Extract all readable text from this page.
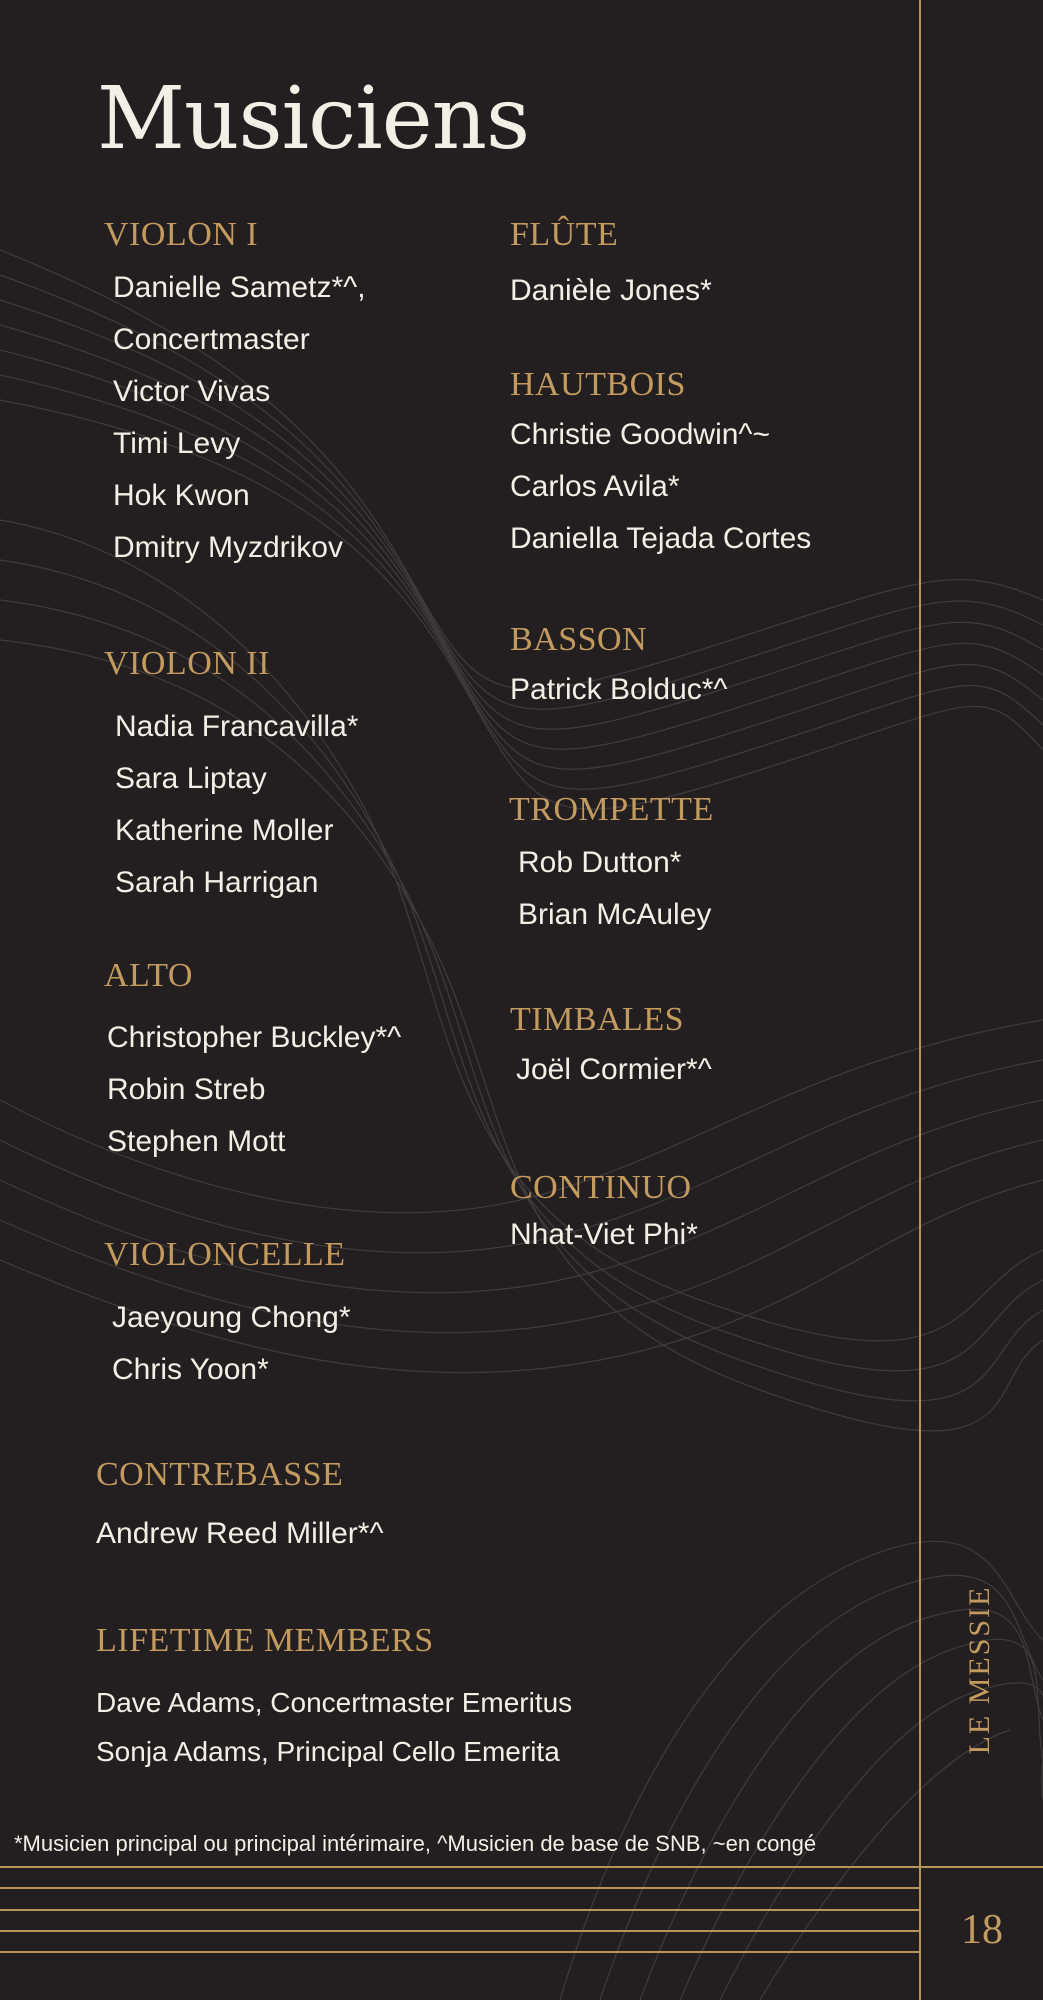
Musiciens
VIOLON I
Danielle Sametz*^,
Concertmaster
Victor Vivas
Timi Levy
Hok Kwon
Dmitry Myzdrikov
VIOLON II
Nadia Francavilla*
Sara Liptay
Katherine Moller
Sarah Harrigan
ALTO
Christopher Buckley*^
Robin Streb
Stephen Mott
VIOLONCELLE
Jaeyoung Chong*
Chris Yoon*
CONTREBASSE
Andrew Reed Miller*^
LIFETIME MEMBERS
Dave Adams, Concertmaster Emeritus
Sonja Adams, Principal Cello Emerita
FLÛTE
Danièle Jones*
HAUTBOIS
Christie Goodwin^~
Carlos Avila*
Daniella Tejada Cortes
BASSON
Patrick Bolduc*^
TROMPETTE
Rob Dutton*
Brian McAuley
TIMBALES
Joël Cormier*^
CONTINUO
Nhat-Viet Phi*
*Musicien principal ou principal intérimaire, ^Musicien de base de SNB, ~en congé
LE MESSIE
18
